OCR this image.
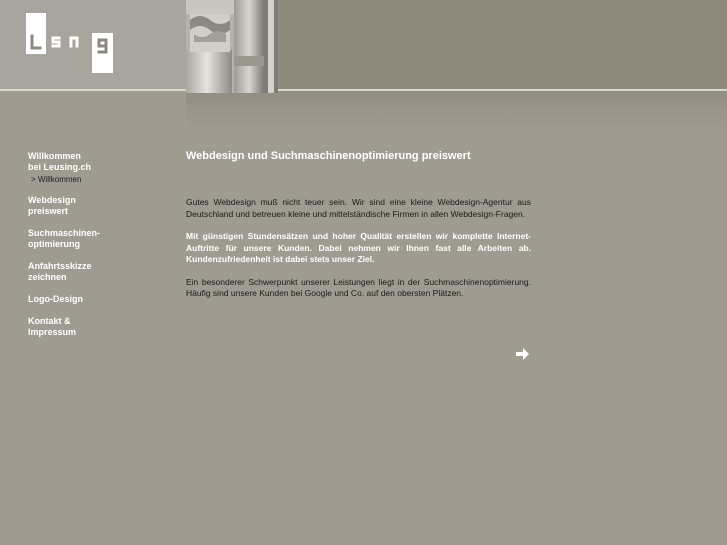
Willkommen
bei Leusing.ch
> Willkommen
Webdesign
preiswert
Suchmaschinen-
optimierung
Anfahrtsskizze
zeichnen
Logo-Design
Kontakt &
Impressum
Webdesign und Suchmaschinenoptimierung preiswert

Gutes Webdesign muß nicht teuer sein. Wir sind eine kleine Webdesign-Agentur aus Deutschland und betreuen kleine und mittelständische Firmen in allen Webdesign-Fragen.

Mit günstigen Stundensätzen und hoher Qualität erstellen wir komplette Internet-Auftritte für unsere Kunden. Dabei nehmen wir Ihnen fast alle Arbeiten ab. Kundenzufriedenheit ist dabei stets unser Ziel.

Ein besonderer Schwerpunkt unserer Leistungen liegt in der Suchmaschinenoptimierung. Häufig sind unsere Kunden bei Google und Co. auf den obersten Plätzen.
